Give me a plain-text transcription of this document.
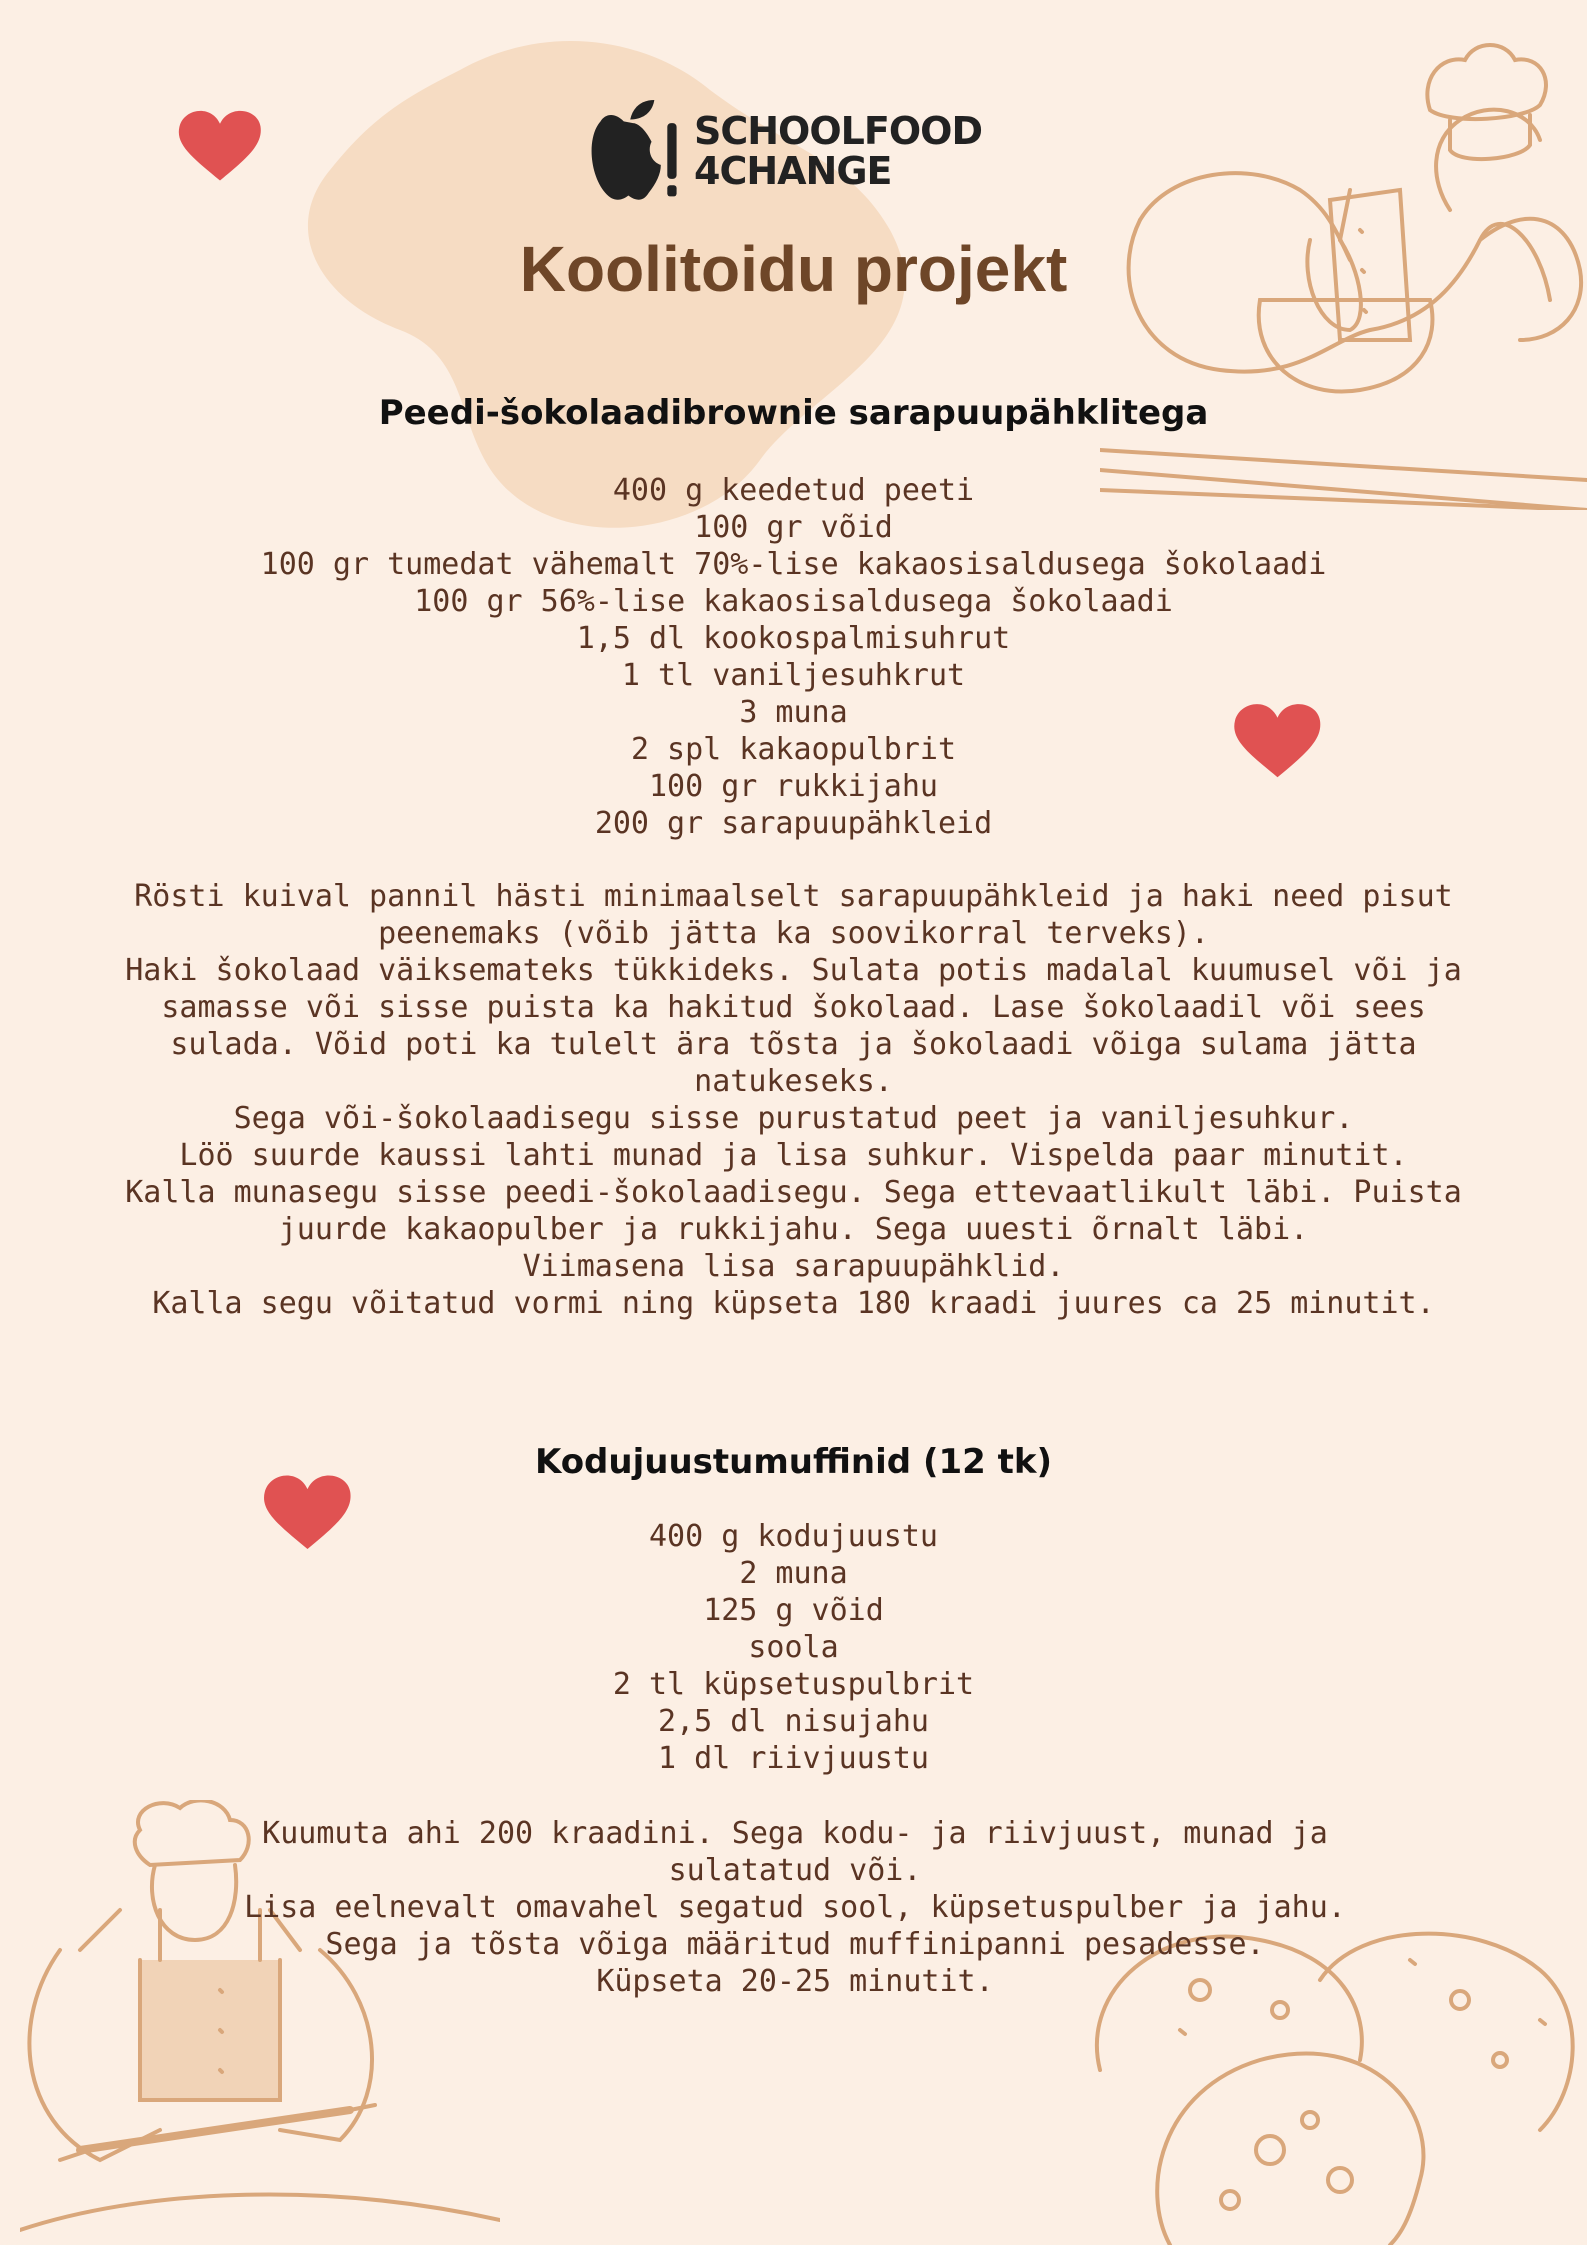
SCHOOLFOOD
4CHANGE
Koolitoidu projekt
Peedi-šokolaadibrownie sarapuupähklitega
400 g keedetud peeti
100 gr võid
100 gr tumedat vähemalt 70%-lise kakaosisaldusega šokolaadi
100 gr 56%-lise kakaosisaldusega šokolaadi
1,5 dl kookospalmisuhrut
1 tl vaniljesuhkrut
3 muna
2 spl kakaopulbrit
100 gr rukkijahu
200 gr sarapuupähkleid
Rösti kuival pannil hästi minimaalselt sarapuupähkleid ja haki need pisut peenemaks (võib jätta ka soovikorral terveks).
Haki šokolaad väiksemateks tükkideks. Sulata potis madalal kuumusel või ja samasse või sisse puista ka hakitud šokolaad. Lase šokolaadil või sees sulada. Võid poti ka tulelt ära tõsta ja šokolaadi võiga sulama jätta natukeseks.
Sega või-šokolaadisegu sisse purustatud peet ja vaniljesuhkur.
Löö suurde kaussi lahti munad ja lisa suhkur. Vispelda paar minutit.
Kalla munasegu sisse peedi-šokolaadisegu. Sega ettevaatlikult läbi. Puista juurde kakaopulber ja rukkijahu. Sega uuesti õrnalt läbi.
Viimasena lisa sarapuupähklid.
Kalla segu võitatud vormi ning küpseta 180 kraadi juures ca 25 minutit.
Kodujuustumuffinid (12 tk)
400 g kodujuustu
2 muna
125 g võid
soola
2 tl küpsetuspulbrit
2,5 dl nisujahu
1 dl riivjuustu
Kuumuta ahi 200 kraadini. Sega kodu- ja riivjuust, munad ja sulatatud või.
Lisa eelnevalt omavahel segatud sool, küpsetuspulber ja jahu.
Sega ja tõsta võiga määritud muffinipanni pesadesse.
Küpseta 20-25 minutit.
